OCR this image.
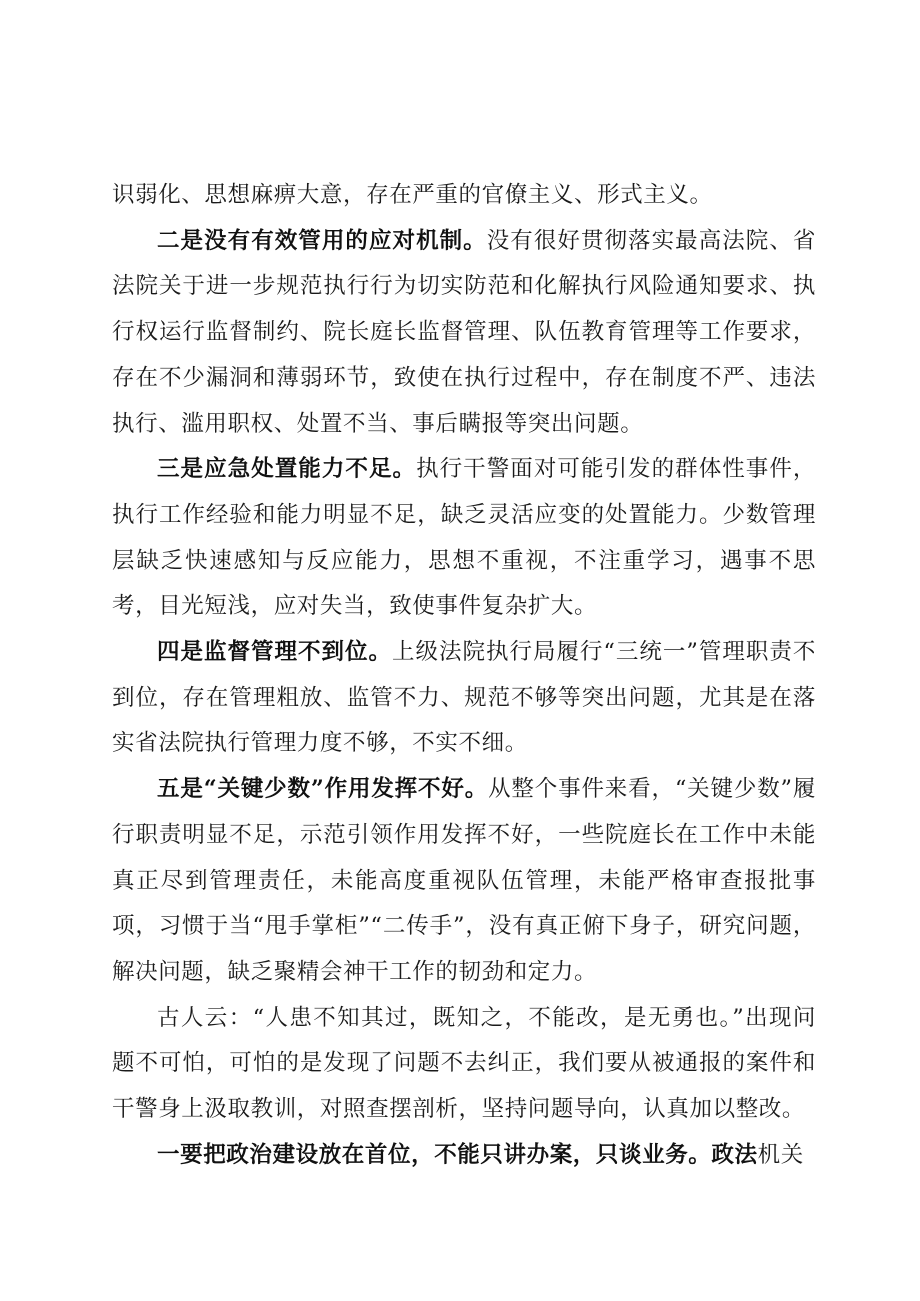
识弱化、思想麻痹大意，存在严重的官僚主义、形式主义。

二是没有有效管用的应对机制。没有很好贯彻落实最高法院、省法院关于进一步规范执行行为切实防范和化解执行风险通知要求、执行权运行监督制约、院长庭长监督管理、队伍教育管理等工作要求，存在不少漏洞和薄弱环节，致使在执行过程中，存在制度不严、违法执行、滥用职权、处置不当、事后瞒报等突出问题。

三是应急处置能力不足。执行干警面对可能引发的群体性事件，执行工作经验和能力明显不足，缺乏灵活应变的处置能力。少数管理层缺乏快速感知与反应能力，思想不重视，不注重学习，遇事不思考，目光短浅，应对失当，致使事件复杂扩大。

四是监督管理不到位。上级法院执行局履行“三统一”管理职责不到位，存在管理粗放、监管不力、规范不够等突出问题，尤其是在落实省法院执行管理力度不够，不实不细。

五是“关键少数”作用发挥不好。从整个事件来看，“关键少数”履行职责明显不足，示范引领作用发挥不好，一些院庭长在工作中未能真正尽到管理责任，未能高度重视队伍管理，未能严格审查报批事项，习惯于当“甩手掌柜”“二传手”，没有真正俯下身子，研究问题，解决问题，缺乏聚精会神干工作的韧劲和定力。

古人云：“人患不知其过，既知之，不能改，是无勇也。”出现问题不可怕，可怕的是发现了问题不去纠正，我们要从被通报的案件和干警身上汲取教训，对照查摆剖析，坚持问题导向，认真加以整改。

一要把政治建设放在首位，不能只讲办案，只谈业务。政法机关
